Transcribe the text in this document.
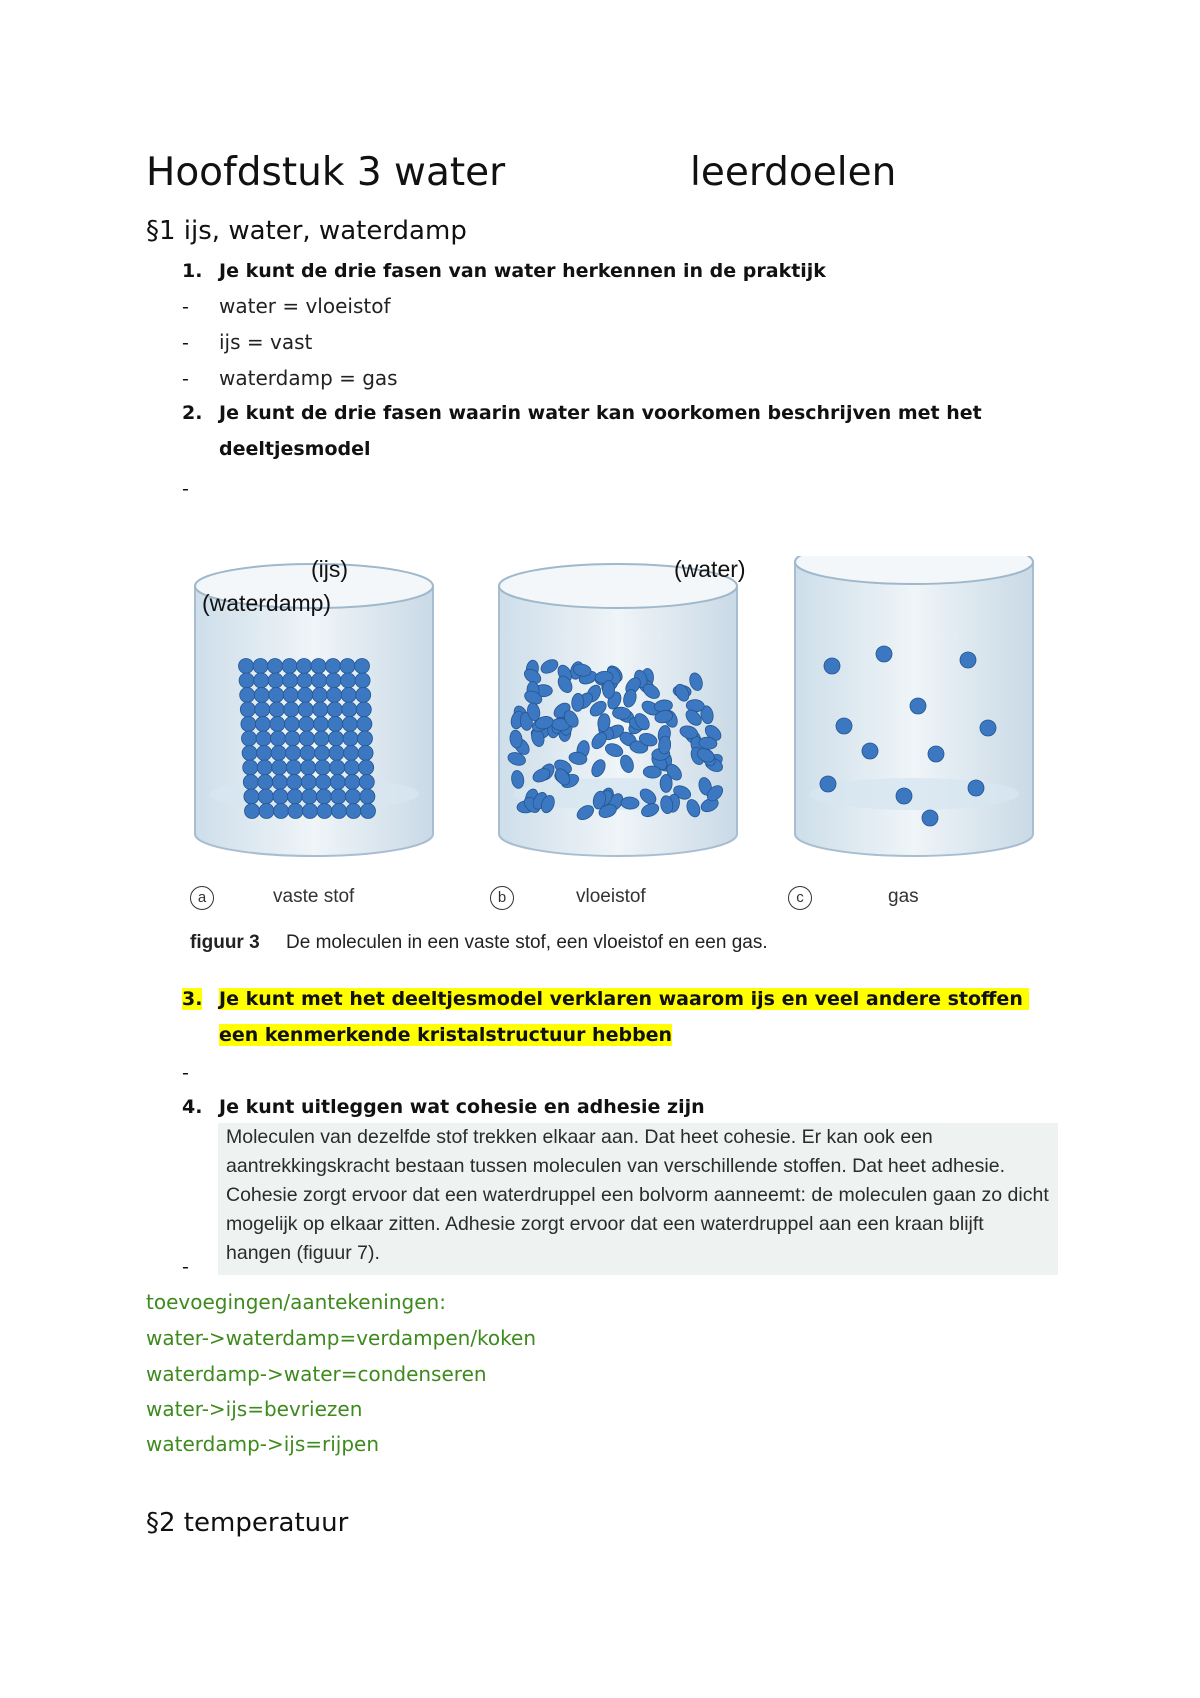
Hoofdstuk 3 water	leerdoelen
§1 ijs, water, waterdamp
1. Je kunt de drie fasen van water herkennen in de praktijk
- water = vloeistof
- ijs = vast
- waterdamp = gas
2. Je kunt de drie fasen waarin water kan voorkomen beschrijven met het
deeltjesmodel
-
(ijs)
(waterdamp)
(water)
a	vaste stof	b	vloeistof	c	gas
figuur 3 De moleculen in een vaste stof, een vloeistof en een gas.
3. Je kunt met het deeltjesmodel verklaren waarom ijs en veel andere stoffen
een kenmerkende kristalstructuur hebben
-
4. Je kunt uitleggen wat cohesie en adhesie zijn
Moleculen van dezelfde stof trekken elkaar aan. Dat heet cohesie. Er kan ook een aantrekkingskracht bestaan tussen moleculen van verschillende stoffen. Dat heet adhesie. Cohesie zorgt ervoor dat een waterdruppel een bolvorm aanneemt: de moleculen gaan zo dicht mogelijk op elkaar zitten. Adhesie zorgt ervoor dat een waterdruppel aan een kraan blijft hangen (figuur 7).
-
toevoegingen/aantekeningen:
water->waterdamp=verdampen/koken
waterdamp->water=condenseren
water->ijs=bevriezen
waterdamp->ijs=rijpen
§2 temperatuur
